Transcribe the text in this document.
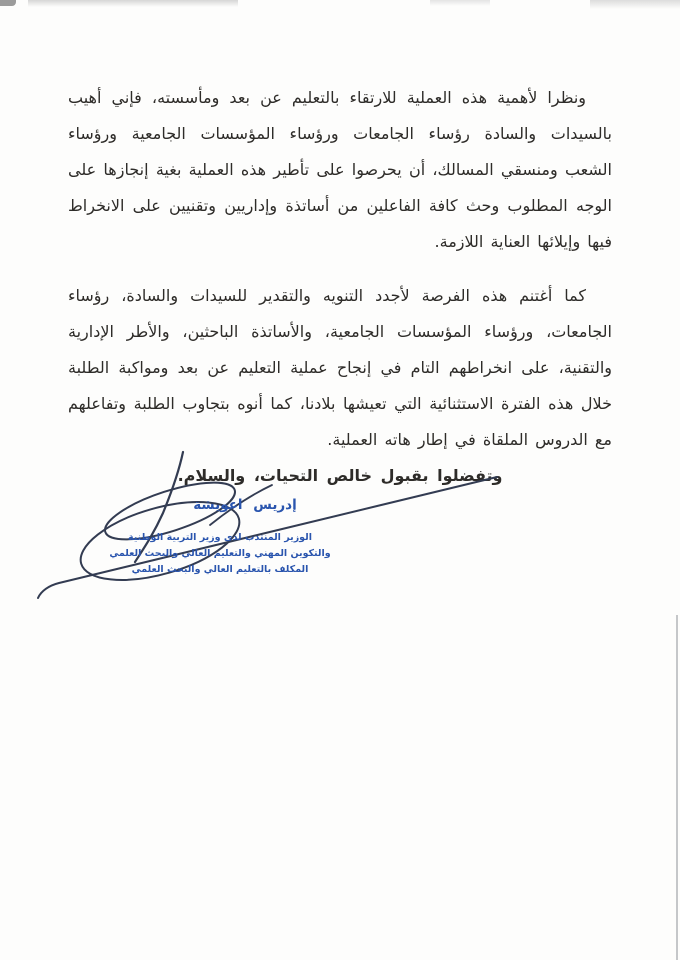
ونظرا لأهمية هذه العملية للارتقاء بالتعليم عن بعد ومأسسته، فإني أهيب بالسيدات والسادة رؤساء الجامعات ورؤساء المؤسسات الجامعية ورؤساء الشعب ومنسقي المسالك، أن يحرصوا على تأطير هذه العملية بغية إنجازها على الوجه المطلوب وحث كافة الفاعلين من أساتذة وإداريين وتقنيين على الانخراط فيها وإيلائها العناية اللازمة.

كما أغتنم هذه الفرصة لأجدد التنويه والتقدير للسيدات والسادة، رؤساء الجامعات، ورؤساء المؤسسات الجامعية، والأساتذة الباحثين، والأطر الإدارية والتقنية، على انخراطهم التام في إنجاح عملية التعليم عن بعد ومواكبة الطلبة خلال هذه الفترة الاستثنائية التي تعيشها بلادنا، كما أنوه بتجاوب الطلبة وتفاعلهم مع الدروس الملقاة في إطار هاته العملية.

وتفضلوا بقبول خالص التحيات، والسلام.

إدريس اعويشة
الوزير المنتدب لدى وزير التربية الوطنية
والتكوين المهني والتعليم العالي والبحث العلمي
المكلف بالتعليم العالي والبحث العلمي
